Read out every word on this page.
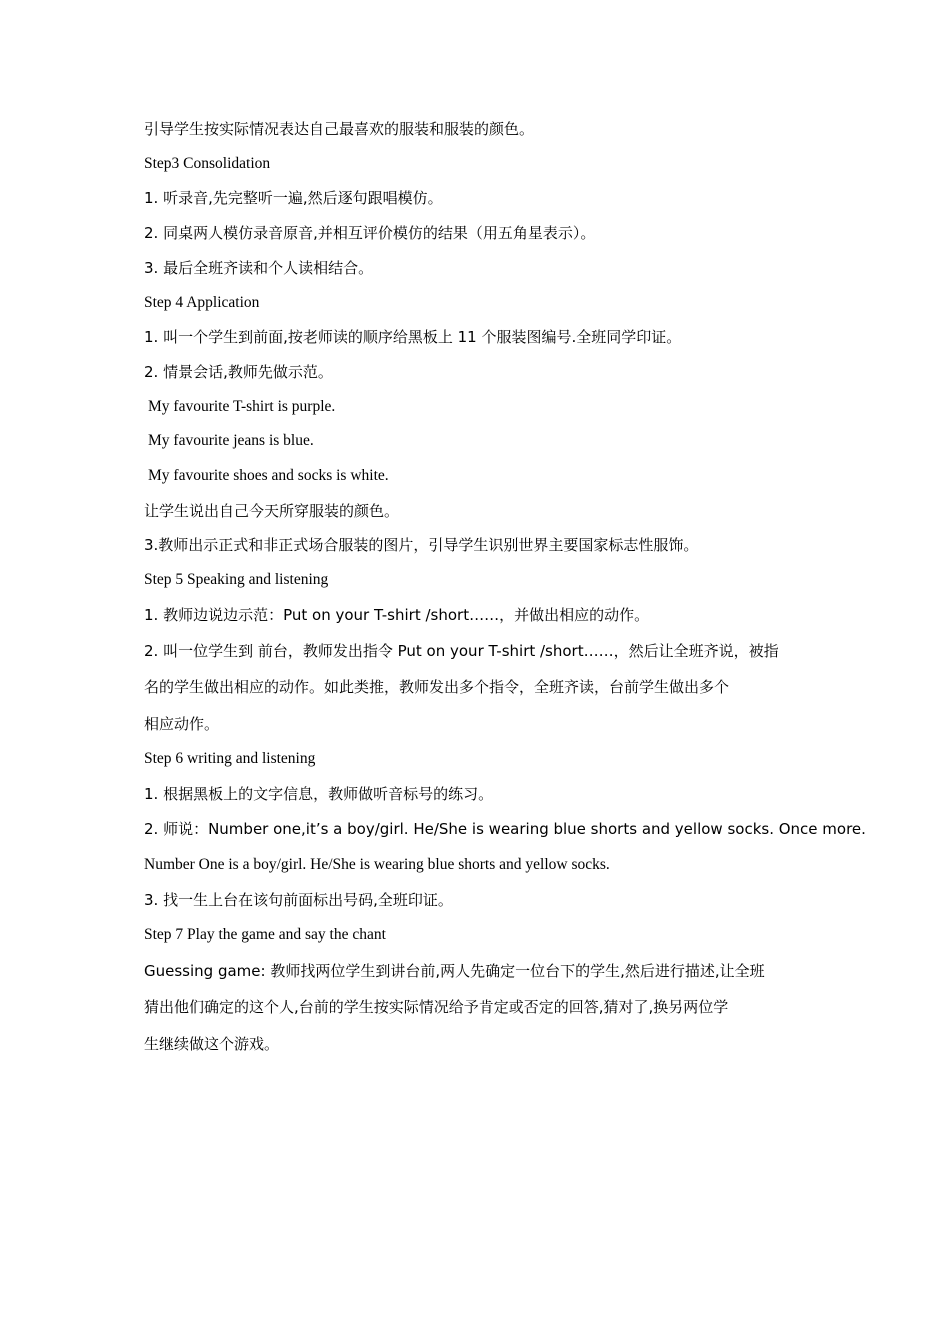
引导学生按实际情况表达自己最喜欢的服装和服装的颜色。

Step3 Consolidation

1. 听录音,先完整听一遍,然后逐句跟唱模仿。

2. 同桌两人模仿录音原音,并相互评价模仿的结果（用五角星表示）。

3. 最后全班齐读和个人读相结合。

Step 4 Application

1. 叫一个学生到前面,按老师读的顺序给黑板上 11 个服装图编号.全班同学印证。

2. 情景会话,教师先做示范。

My favourite T-shirt is purple.

My favourite jeans is blue.

My favourite shoes and socks is white.

让学生说出自己今天所穿服装的颜色。

3.教师出示正式和非正式场合服装的图片，引导学生识别世界主要国家标志性服饰。

Step 5 Speaking and listening

1. 教师边说边示范：Put on your T-shirt /short……，并做出相应的动作。

2. 叫一位学生到 前台，教师发出指令 Put on your T-shirt /short……，然后让全班齐说，被指

名的学生做出相应的动作。如此类推，教师发出多个指令，全班齐读，台前学生做出多个

相应动作。

Step 6 writing and listening

1. 根据黑板上的文字信息，教师做听音标号的练习。

2. 师说：Number one,it’s a boy/girl. He/She is wearing blue shorts and yellow socks. Once more.

Number One is a boy/girl. He/She is wearing blue shorts and yellow socks.

3. 找一生上台在该句前面标出号码,全班印证。

Step 7 Play the game and say the chant

Guessing game: 教师找两位学生到讲台前,两人先确定一位台下的学生,然后进行描述,让全班

猜出他们确定的这个人,台前的学生按实际情况给予肯定或否定的回答,猜对了,换另两位学

生继续做这个游戏。
